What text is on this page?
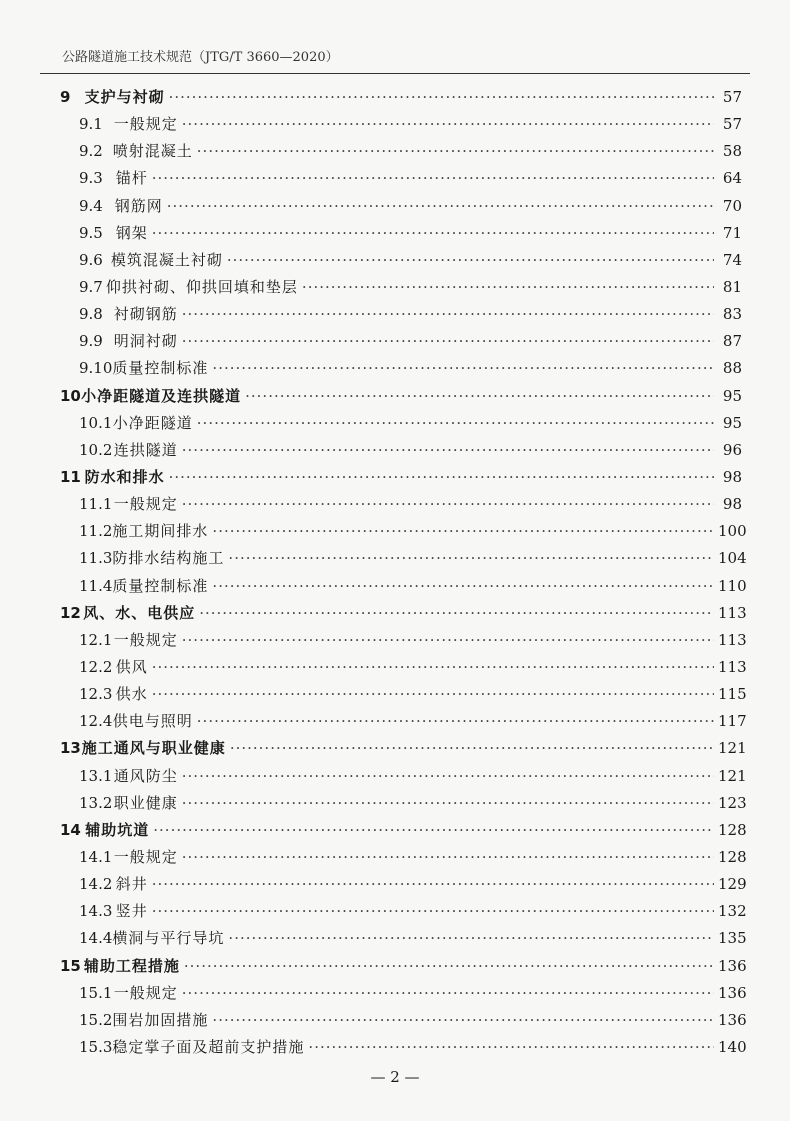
公路隧道施工技术规范（JTG/T 3660—2020）
9 支护与衬砌 ·····	57
9.1 一般规定 ·····	57
9.2 喷射混凝土 ·····	58
9.3 锚杆 ·····	64
9.4 钢筋网 ·····	70
9.5 钢架 ·····	71
9.6 模筑混凝土衬砌 ·····	74
9.7 仰拱衬砌、仰拱回填和垫层 ·····	81
9.8 衬砌钢筋 ·····	83
9.9 明洞衬砌 ·····	87
9.10 质量控制标准 ·····	88
10 小净距隧道及连拱隧道 ·····	95
10.1 小净距隧道 ·····	95
10.2 连拱隧道 ·····	96
11 防水和排水 ·····	98
11.1 一般规定 ·····	98
11.2 施工期间排水 ·····	100
11.3 防排水结构施工 ·····	104
11.4 质量控制标准 ·····	110
12 风、水、电供应 ·····	113
12.1 一般规定 ·····	113
12.2 供风 ·····	113
12.3 供水 ·····	115
12.4 供电与照明 ·····	117
13 施工通风与职业健康 ·····	121
13.1 通风防尘 ·····	121
13.2 职业健康 ·····	123
14 辅助坑道 ·····	128
14.1 一般规定 ·····	128
14.2 斜井 ·····	129
14.3 竖井 ·····	132
14.4 横洞与平行导坑 ·····	135
15 辅助工程措施 ·····	136
15.1 一般规定 ·····	136
15.2 围岩加固措施 ·····	136
15.3 稳定掌子面及超前支护措施 ·····	140
— 2 —
